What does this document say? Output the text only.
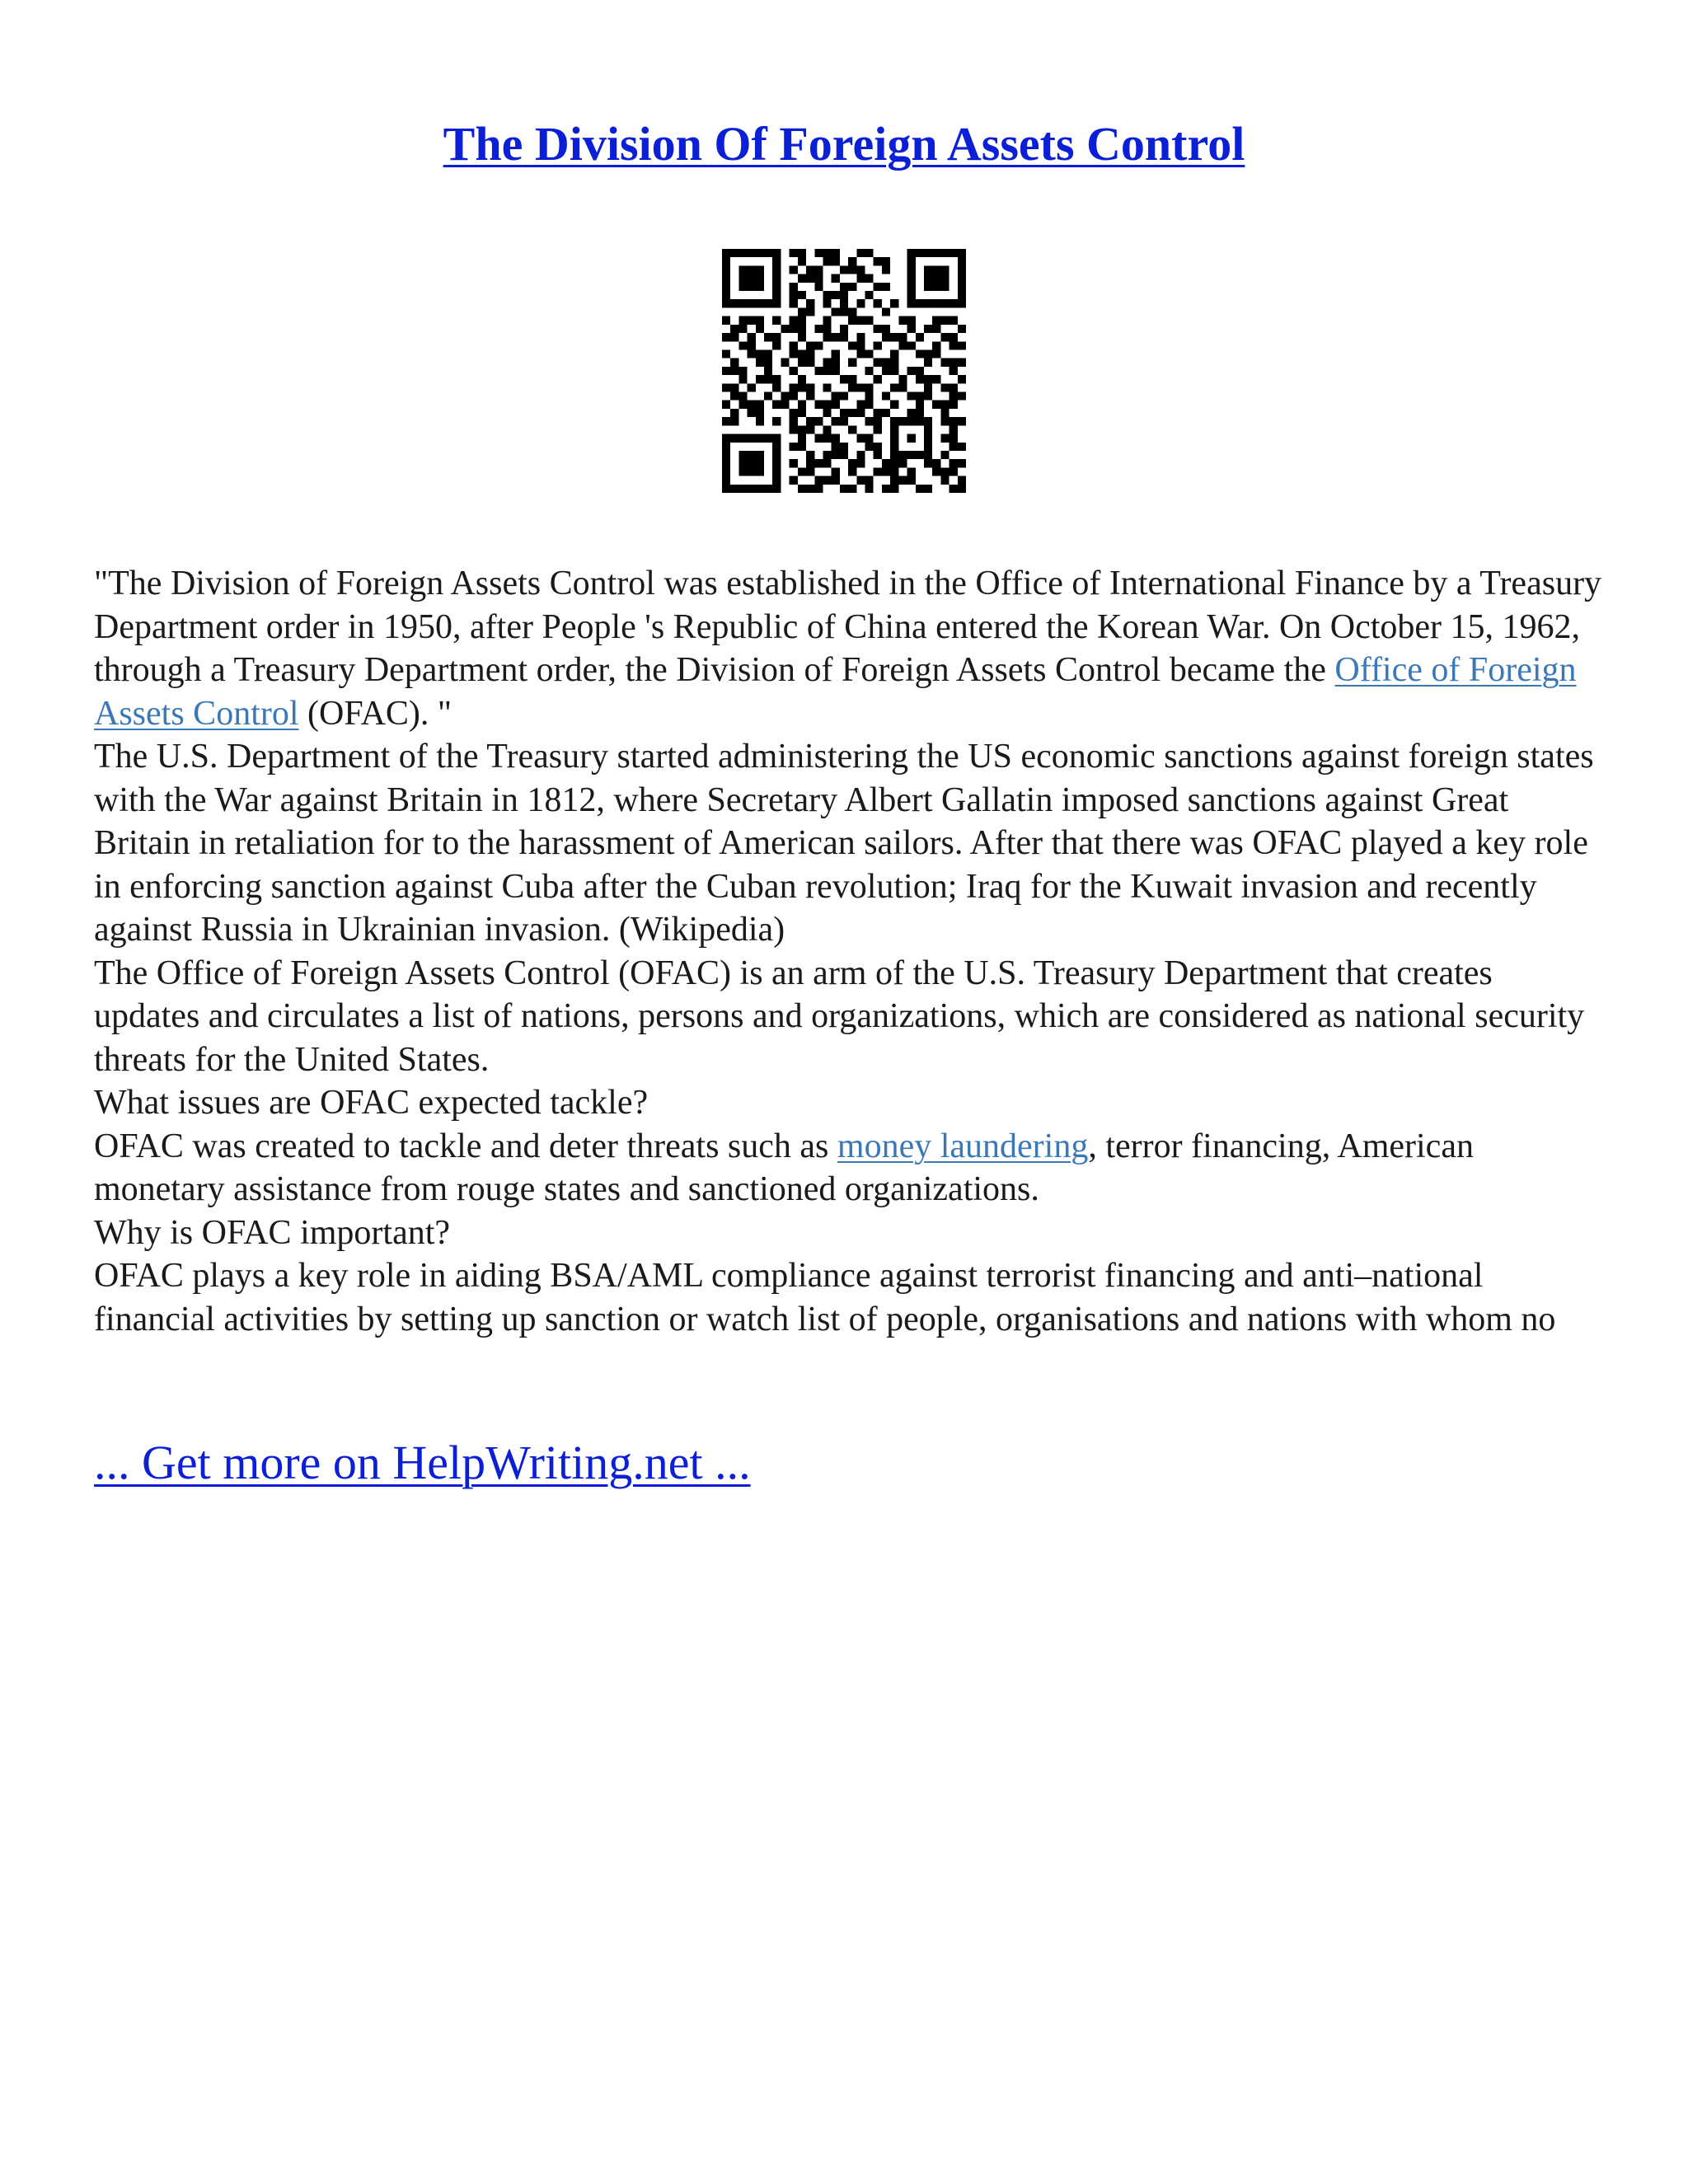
The Division Of Foreign Assets Control

"The Division of Foreign Assets Control was established in the Office of International Finance by a Treasury Department order in 1950, after People 's Republic of China entered the Korean War. On October 15, 1962, through a Treasury Department order, the Division of Foreign Assets Control became the Office of Foreign Assets Control (OFAC). "

The U.S. Department of the Treasury started administering the US economic sanctions against foreign states with the War against Britain in 1812, where Secretary Albert Gallatin imposed sanctions against Great Britain in retaliation for to the harassment of American sailors. After that there was OFAC played a key role in enforcing sanction against Cuba after the Cuban revolution; Iraq for the Kuwait invasion and recently against Russia in Ukrainian invasion. (Wikipedia)

The Office of Foreign Assets Control (OFAC) is an arm of the U.S. Treasury Department that creates updates and circulates a list of nations, persons and organizations, which are considered as national security threats for the United States.

What issues are OFAC expected tackle?

OFAC was created to tackle and deter threats such as money laundering, terror financing, American monetary assistance from rouge states and sanctioned organizations.

Why is OFAC important?

OFAC plays a key role in aiding BSA/AML compliance against terrorist financing and anti–national financial activities by setting up sanction or watch list of people, organisations and nations with whom no

... Get more on HelpWriting.net ...
